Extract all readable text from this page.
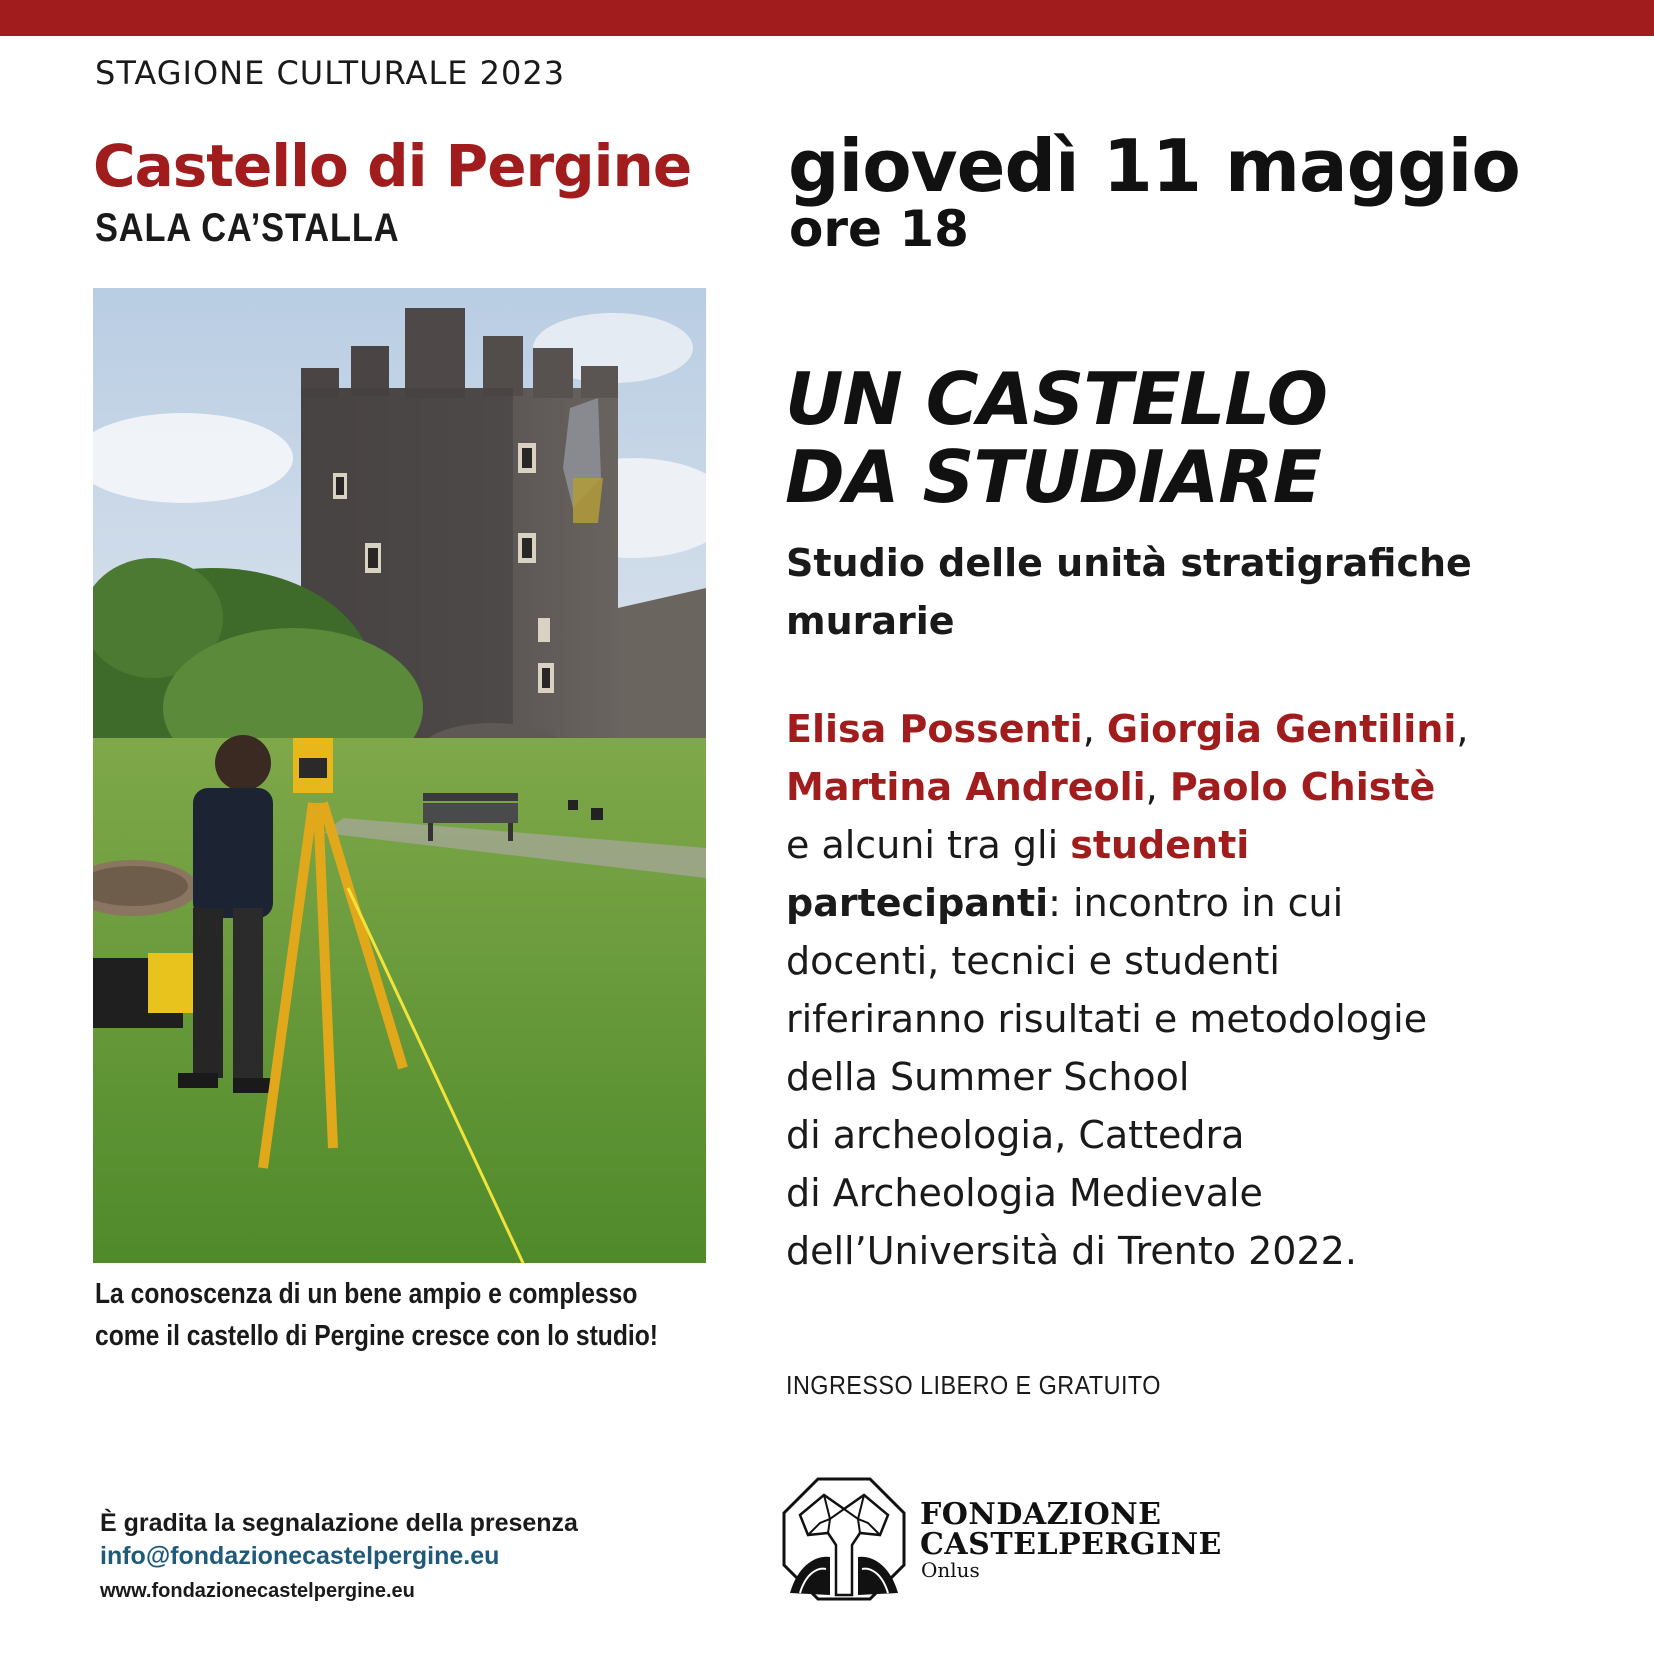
STAGIONE CULTURALE 2023
Castello di Pergine
SALA CA’STALLA
giovedì 11 maggio
ore 18
La conoscenza di un bene ampio e complesso
come il castello di Pergine cresce con lo studio!
UN CASTELLO
DA STUDIARE
Studio delle unità stratigrafiche
murarie
Elisa Possenti, Giorgia Gentilini,
Martina Andreoli, Paolo Chistè
e alcuni tra gli studenti
partecipanti: incontro in cui
docenti, tecnici e studenti
riferiranno risultati e metodologie
della Summer School
di archeologia, Cattedra
di Archeologia Medievale
dell’Università di Trento 2022.
INGRESSO LIBERO E GRATUITO
È gradita la segnalazione della presenza
info@fondazionecastelpergine.eu
www.fondazionecastelpergine.eu
FONDAZIONE
CASTELPERGINE
Onlus
